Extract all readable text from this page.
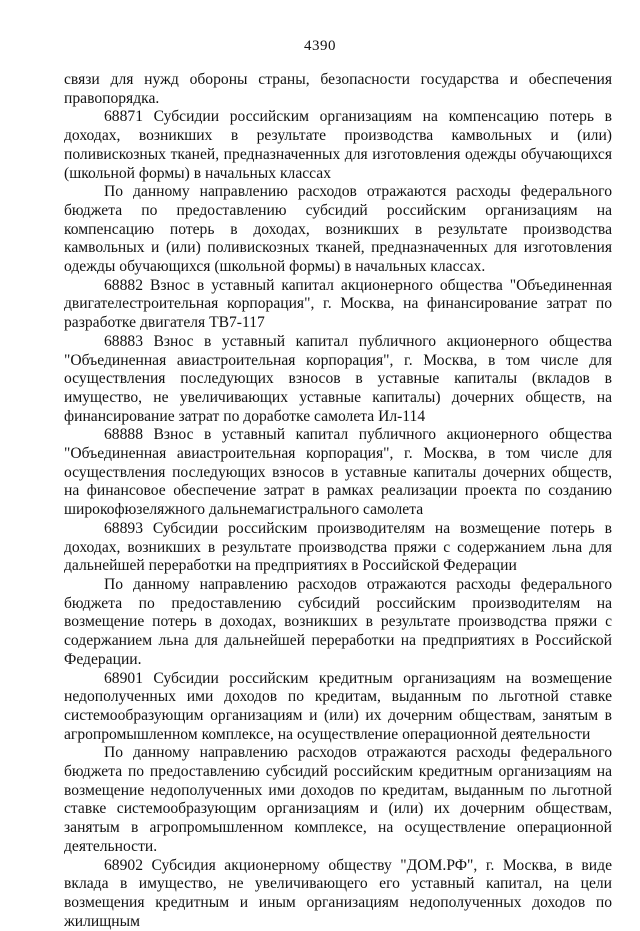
4390

связи для нужд обороны страны, безопасности государства и обеспечения правопорядка.

68871 Субсидии российским организациям на компенсацию потерь в доходах, возникших в результате производства камвольных и (или) поливискозных тканей, предназначенных для изготовления одежды обучающихся (школьной формы) в начальных классах

По данному направлению расходов отражаются расходы федерального бюджета по предоставлению субсидий российским организациям на компенсацию потерь в доходах, возникших в результате производства камвольных и (или) поливискозных тканей, предназначенных для изготовления одежды обучающихся (школьной формы) в начальных классах.

68882 Взнос в уставный капитал акционерного общества "Объединенная двигателестроительная корпорация", г. Москва, на финансирование затрат по разработке двигателя ТВ7-117

68883 Взнос в уставный капитал публичного акционерного общества "Объединенная авиастроительная корпорация", г. Москва, в том числе для осуществления последующих взносов в уставные капиталы (вкладов в имущество, не увеличивающих уставные капиталы) дочерних обществ, на финансирование затрат по доработке самолета Ил-114

68888 Взнос в уставный капитал публичного акционерного общества "Объединенная авиастроительная корпорация", г. Москва, в том числе для осуществления последующих взносов в уставные капиталы дочерних обществ, на финансовое обеспечение затрат в рамках реализации проекта по созданию широкофюзеляжного дальнемагистрального самолета

68893 Субсидии российским производителям на возмещение потерь в доходах, возникших в результате производства пряжи с содержанием льна для дальнейшей переработки на предприятиях в Российской Федерации

По данному направлению расходов отражаются расходы федерального бюджета по предоставлению субсидий российским производителям на возмещение потерь в доходах, возникших в результате производства пряжи с содержанием льна для дальнейшей переработки на предприятиях в Российской Федерации.

68901 Субсидии российским кредитным организациям на возмещение недополученных ими доходов по кредитам, выданным по льготной ставке системообразующим организациям и (или) их дочерним обществам, занятым в агропромышленном комплексе, на осуществление операционной деятельности

По данному направлению расходов отражаются расходы федерального бюджета по предоставлению субсидий российским кредитным организациям на возмещение недополученных ими доходов по кредитам, выданным по льготной ставке системообразующим организациям и (или) их дочерним обществам, занятым в агропромышленном комплексе, на осуществление операционной деятельности.

68902 Субсидия акционерному обществу "ДОМ.РФ", г. Москва, в виде вклада в имущество, не увеличивающего его уставный капитал, на цели возмещения кредитным и иным организациям недополученных доходов по жилищным
